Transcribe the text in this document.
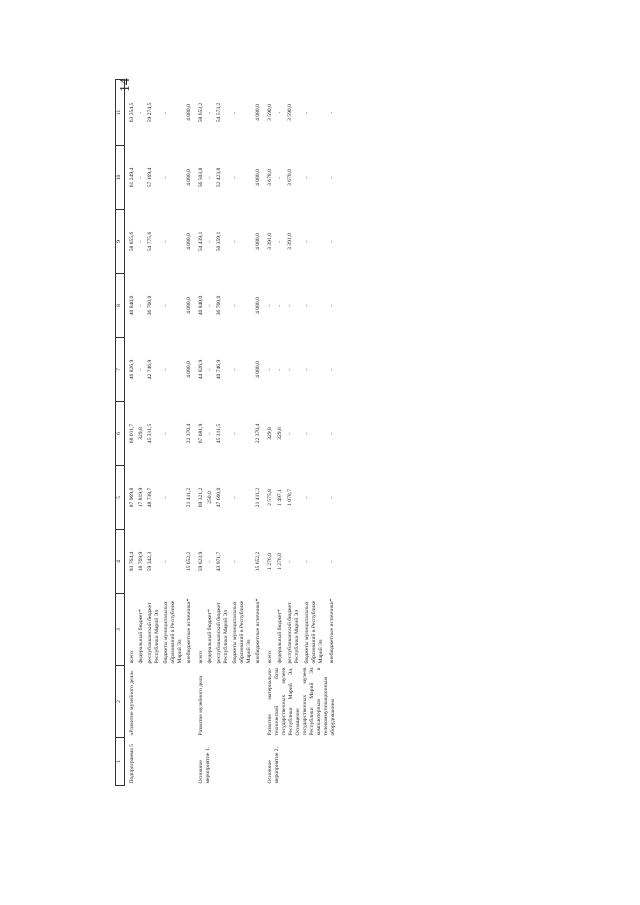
14
1	2	3	4	5	6	7	8	9	10	11
Подпрограмма 5	«Развитие музейного дела»	всего	93 764,4	87 969,8	68 011,7	46 826,9	40 840,0	58 855,6	61 249,4	63 354,5
		федеральный бюджет*	18 769,9	17 819,9	329,8	-	-	-	-	-
		республиканский бюджет Республики Марий Эл	59 342,3	48 738,7	45 311,5	42 746,9	36 760,0	54 775,6	57 169,4	59 274,5
		бюджеты муниципальных образований в Республике Марий Эл	-	-	-	-	-	-	-	-
		внебюджетные источники*	15 652,2	21 411,2	22 370,4	4 080,0	4 080,0	4 080,0	4 080,0	4 080,0
Основное мероприятие 1.	Развитие музейного дела	всего	59 623,9	69 321,2	67 681,9	44 826,9	40 840,0	54 439,1	56 503,8	58 653,2
		федеральный бюджет*	-	250,0	-	-	-	-	-	-
		республиканский бюджет Республики Марий Эл	43 971,7	47 660,0	45 311,5	40 746,9	36 760,0	50 359,1	52 423,8	54 573,2
		бюджеты муниципальных образований в Республике Марий Эл	-	-	-	-	-	-	-	-
		внебюджетные источники*	15 652,2	21 411,2	22 370,4	4 080,0	4 080,0	4 080,0	4 080,0	4 080,0
Основное мероприятие 2.	Развитие материально-технической базы государственных музеев Республики Марий Эл. Оснащение государственных музеев Республики Марий Эл компьютерным и телекоммуникационным оборудованием	всего	1 276,0	2 575,8	329,8	-	-	3 391,0	3 678,0	3 590,0
		федеральный бюджет*	1 276,0	1 497,1	329,8	-	-	-	-	-
		республиканский бюджет Республики Марий Эл	-	1 078,7	-	-	-	3 391,0	3 678,0	3 590,0
		бюджеты муниципальных образований в Республике Марий Эл	-	-	-	-	-	-	-	-
		внебюджетные источники*	-	-	-	-	-	-	-	-
